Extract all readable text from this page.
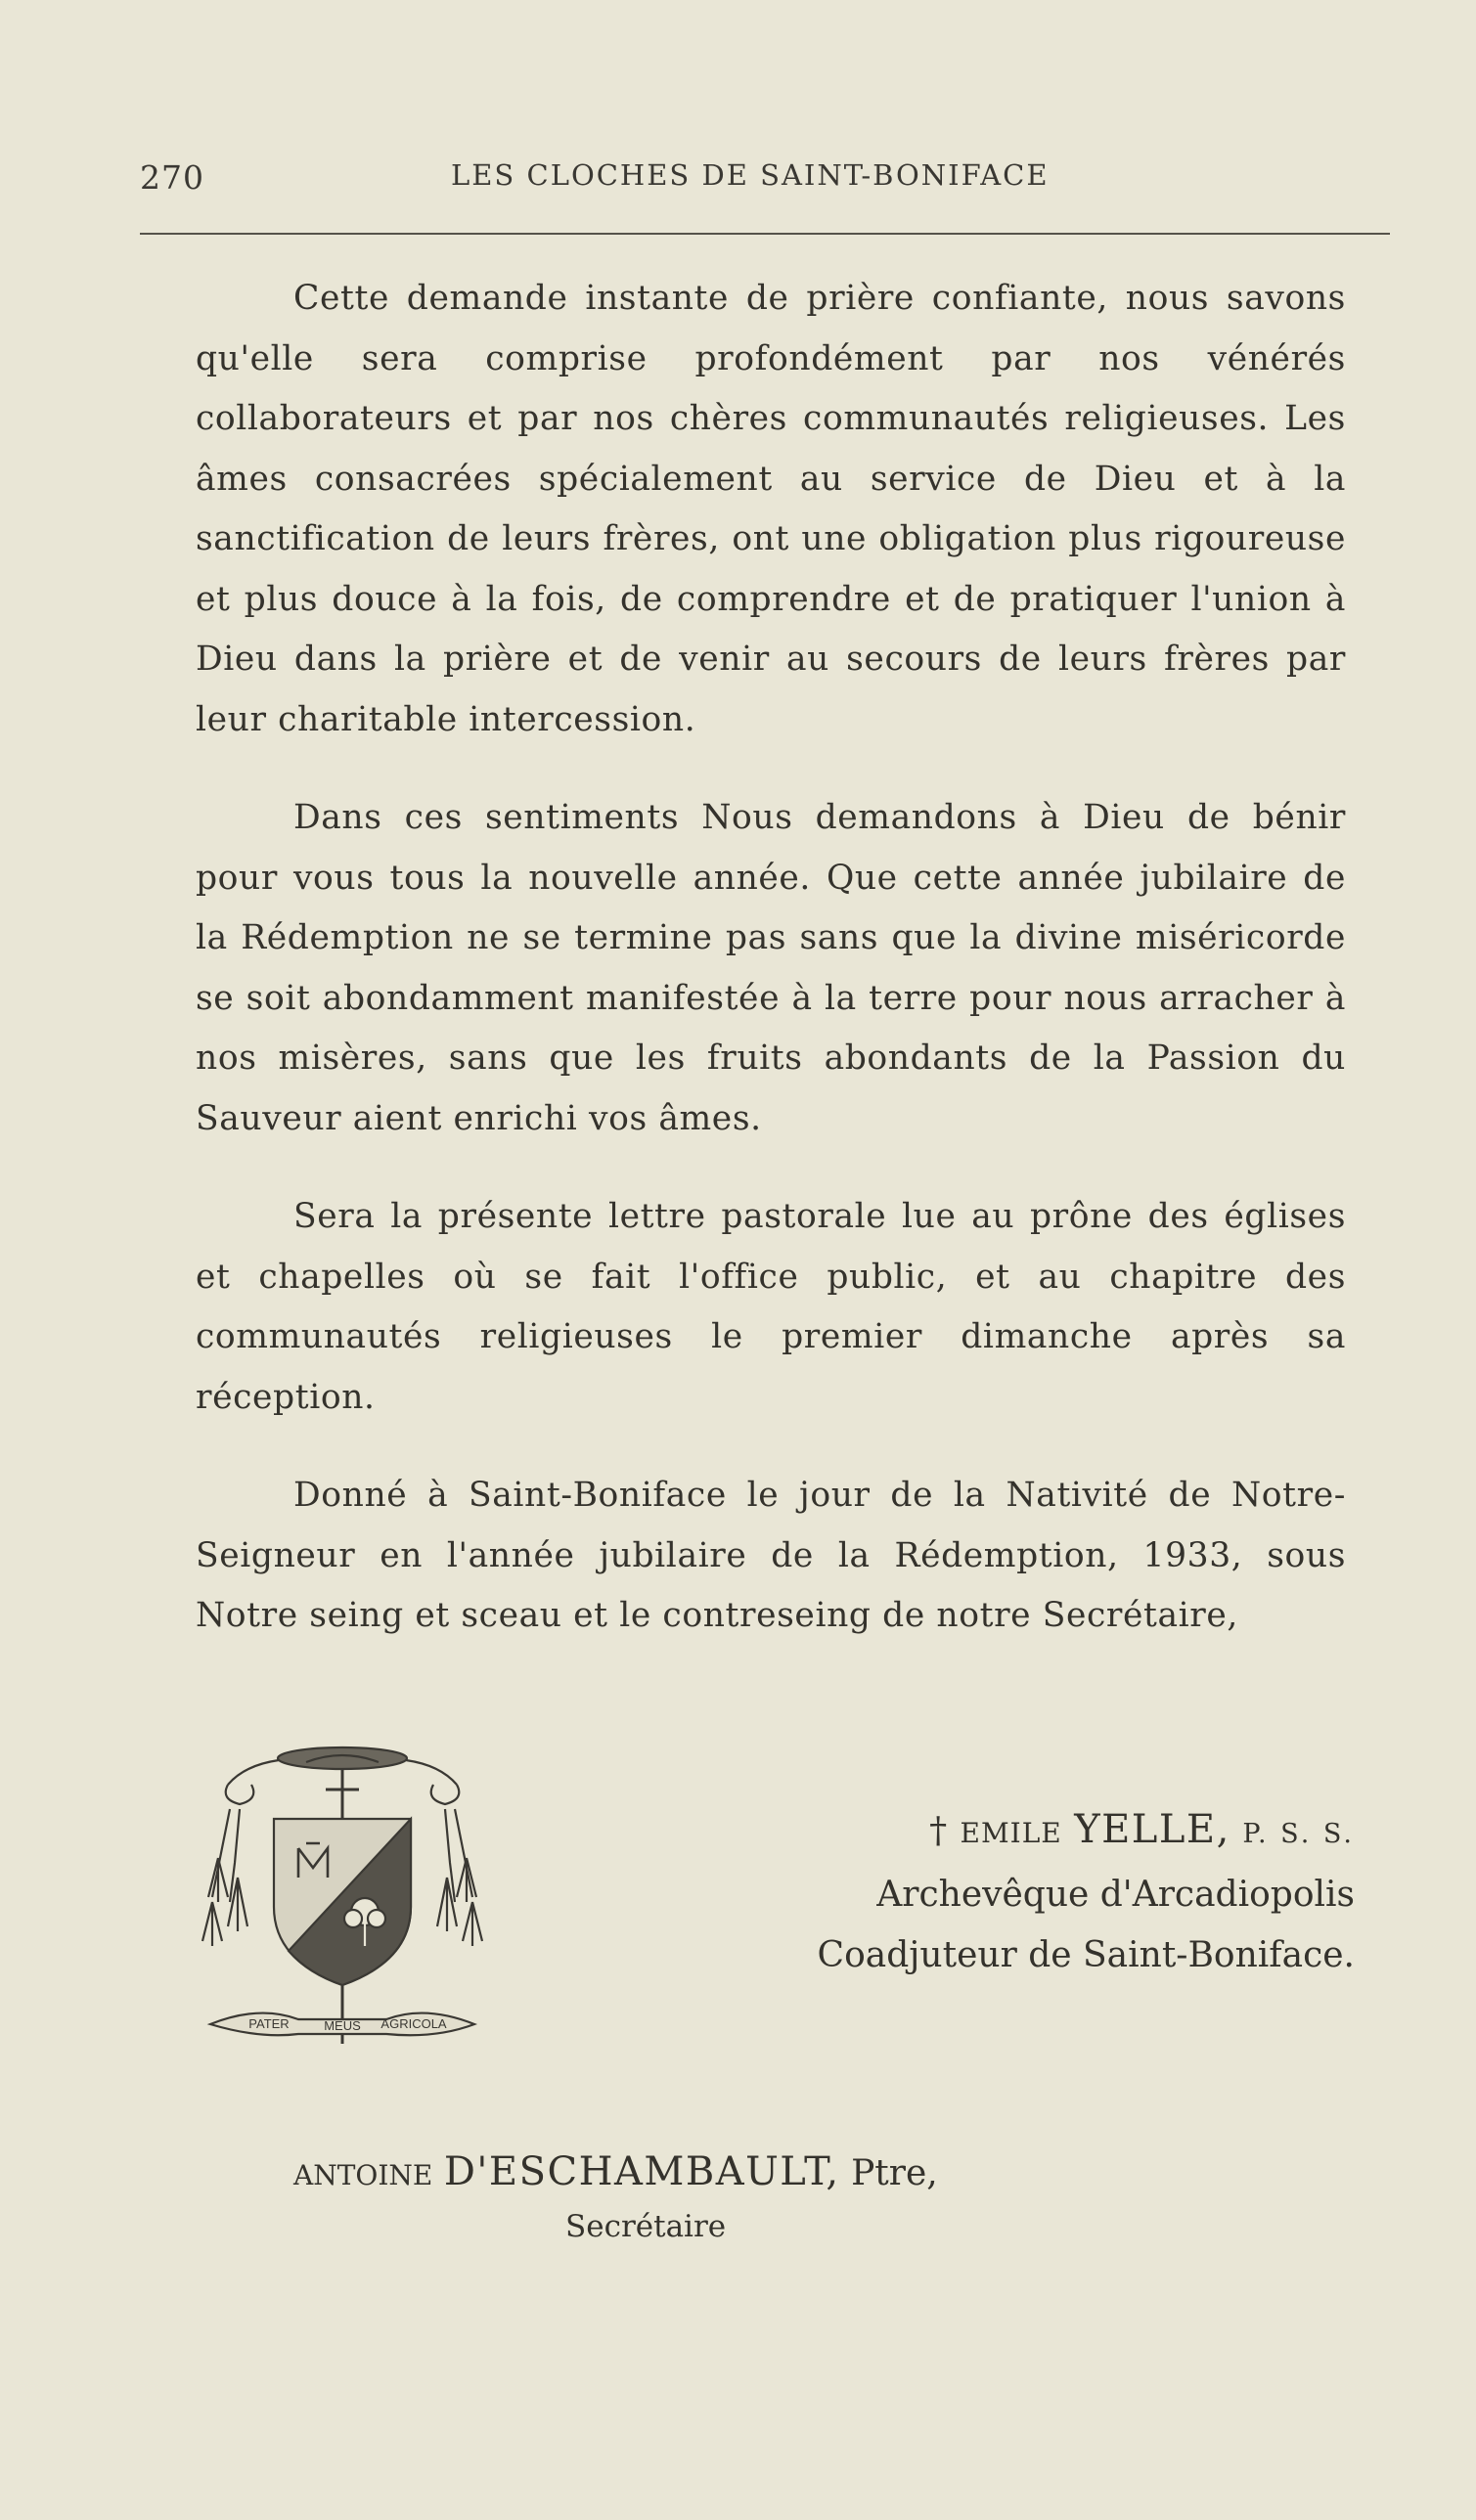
270	LES CLOCHES DE SAINT-BONIFACE

Cette demande instante de prière confiante, nous savons qu'elle sera comprise profondément par nos vénérés collaborateurs et par nos chères communautés religieuses. Les âmes consacrées spécialement au service de Dieu et à la sanctification de leurs frères, ont une obligation plus rigoureuse et plus douce à la fois, de comprendre et de pratiquer l'union à Dieu dans la prière et de venir au secours de leurs frères par leur charitable intercession.

Dans ces sentiments Nous demandons à Dieu de bénir pour vous tous la nouvelle année. Que cette année jubilaire de la Rédemption ne se termine pas sans que la divine miséricorde se soit abondamment manifestée à la terre pour nous arracher à nos misères, sans que les fruits abondants de la Passion du Sauveur aient enrichi vos âmes.

Sera la présente lettre pastorale lue au prône des églises et chapelles où se fait l'office public, et au chapitre des communautés religieuses le premier dimanche après sa réception.

Donné à Saint-Boniface le jour de la Nativité de Notre-Seigneur en l'année jubilaire de la Rédemption, 1933, sous Notre seing et sceau et le contreseing de notre Secrétaire,

PATER	MEUS AGRICOLA
† EMILE YELLE, P. S. S.
Archevêque d'Arcadiopolis
Coadjuteur de Saint-Boniface.
ANTOINE D'ESCHAMBAULT, Ptre,
Secrétaire
